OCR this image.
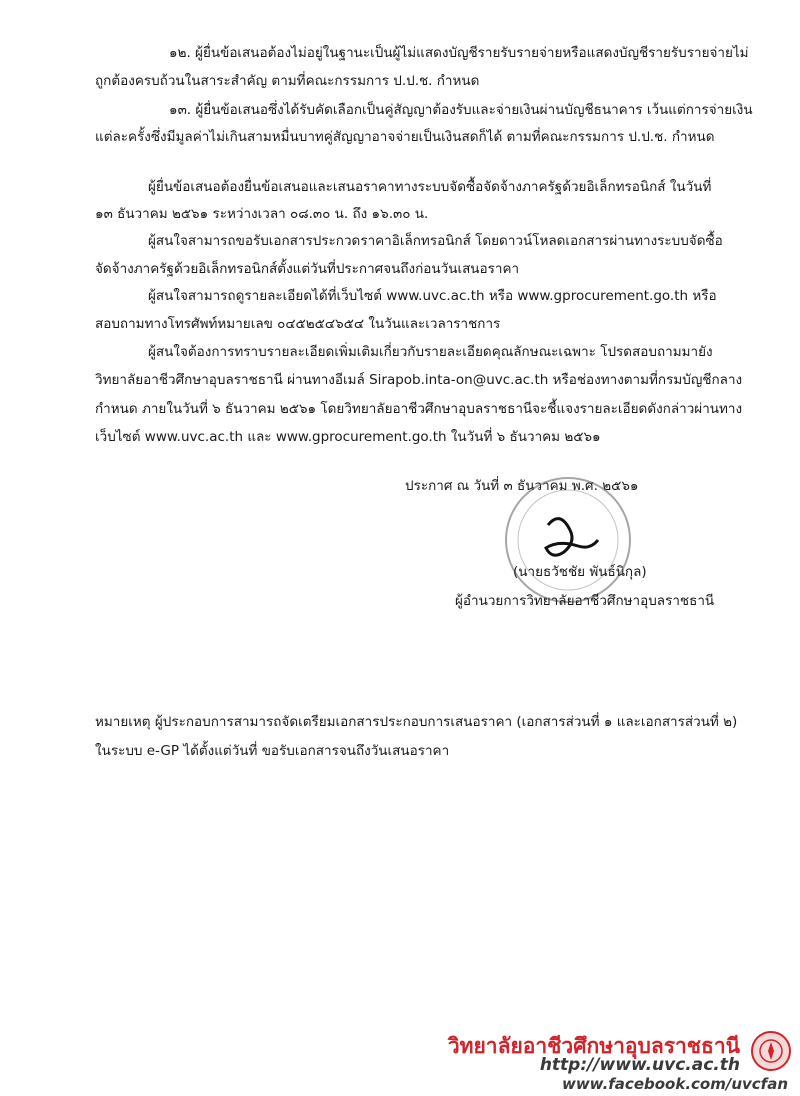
๑๒. ผู้ยื่นข้อเสนอต้องไม่อยู่ในฐานะเป็นผู้ไม่แสดงบัญชีรายรับรายจ่ายหรือแสดงบัญชีรายรับรายจ่ายไม่
ถูกต้องครบถ้วนในสาระสำคัญ ตามที่คณะกรรมการ ป.ป.ช. กำหนด
๑๓. ผู้ยื่นข้อเสนอซึ่งได้รับคัดเลือกเป็นคู่สัญญาต้องรับและจ่ายเงินผ่านบัญชีธนาคาร เว้นแต่การจ่ายเงิน
แต่ละครั้งซึ่งมีมูลค่าไม่เกินสามหมื่นบาทคู่สัญญาอาจจ่ายเป็นเงินสดก็ได้ ตามที่คณะกรรมการ ป.ป.ช. กำหนด
ผู้ยื่นข้อเสนอต้องยื่นข้อเสนอและเสนอราคาทางระบบจัดซื้อจัดจ้างภาครัฐด้วยอิเล็กทรอนิกส์ ในวันที่
๑๓ ธันวาคม ๒๕๖๑ ระหว่างเวลา ๐๘.๓๐ น. ถึง ๑๖.๓๐ น.
ผู้สนใจสามารถขอรับเอกสารประกวดราคาอิเล็กทรอนิกส์ โดยดาวน์โหลดเอกสารผ่านทางระบบจัดซื้อ
จัดจ้างภาครัฐด้วยอิเล็กทรอนิกส์ตั้งแต่วันที่ประกาศจนถึงก่อนวันเสนอราคา
ผู้สนใจสามารถดูรายละเอียดได้ที่เว็บไซต์ www.uvc.ac.th หรือ www.gprocurement.go.th หรือ
สอบถามทางโทรศัพท์หมายเลข ๐๔๕๒๕๔๖๕๔ ในวันและเวลาราชการ
ผู้สนใจต้องการทราบรายละเอียดเพิ่มเติมเกี่ยวกับรายละเอียดคุณลักษณะเฉพาะ โปรดสอบถามมายัง
วิทยาลัยอาชีวศึกษาอุบลราชธานี ผ่านทางอีเมล์ Sirapob.inta-on@uvc.ac.th หรือช่องทางตามที่กรมบัญชีกลาง
กำหนด ภายในวันที่ ๖ ธันวาคม ๒๕๖๑ โดยวิทยาลัยอาชีวศึกษาอุบลราชธานีจะชี้แจงรายละเอียดดังกล่าวผ่านทาง
เว็บไซต์ www.uvc.ac.th และ www.gprocurement.go.th ในวันที่ ๖ ธันวาคม ๒๕๖๑
ประกาศ ณ วันที่ ๓ ธันวาคม พ.ศ. ๒๕๖๑
(นายธวัชชัย พันธ์นิกุล)
ผู้อำนวยการวิทยาลัยอาชีวศึกษาอุบลราชธานี
หมายเหตุ ผู้ประกอบการสามารถจัดเตรียมเอกสารประกอบการเสนอราคา (เอกสารส่วนที่ ๑ และเอกสารส่วนที่ ๒)
ในระบบ e-GP ได้ตั้งแต่วันที่ ขอรับเอกสารจนถึงวันเสนอราคา
วิทยาลัยอาชีวศึกษาอุบลราชธานี
http://www.uvc.ac.th
www.facebook.com/uvcfan
